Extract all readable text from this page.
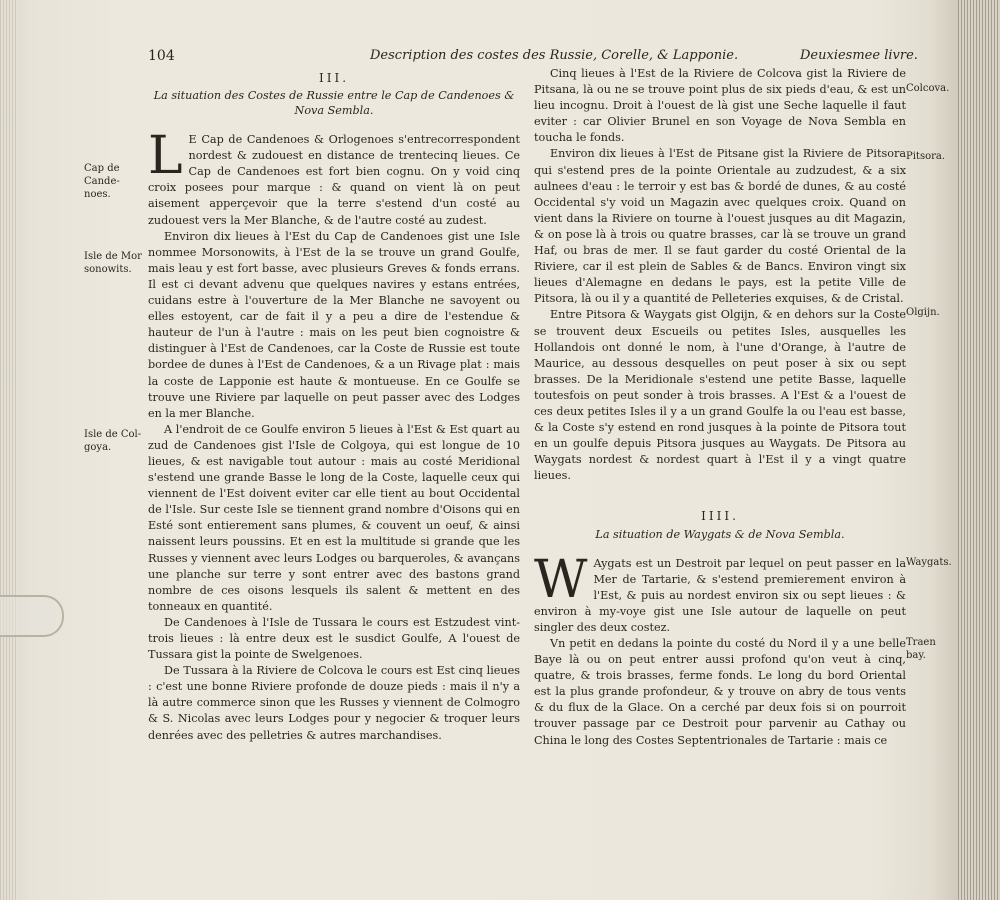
104	Description des costes des Russie, Corelle, & Lapponie.	Deuxiesmee livre.
Cap de Cande-noes.
Isle de Mor sonowits.
Isle de Col-goya.
Colcova.
Pitsora.
Olgijn.
Waygats.
Traen bay.
III.
La situation des Costes de Russie entre le Cap de Candenoes & Nova Sembla.

L E Cap de Candenoes & Orlogenoes s'entrecorrespondent nordest & zudouest en distance de trentecinq lieues. Ce Cap de Candenoes est fort bien cognu. On y void cinq croix posees pour marque : & quand on vient là on peut aisement apperçevoir que la terre s'estend d'un costé au zudouest vers la Mer Blanche, & de l'autre costé au zudest.

Environ dix lieues à l'Est du Cap de Candenoes gist une Isle nommee Morsonowits, à l'Est de la se trouve un grand Goulfe, mais leau y est fort basse, avec plusieurs Greves & fonds errans. Il est ci devant advenu que quelques navires y estans entrées, cuidans estre à l'ouverture de la Mer Blanche ne savoyent ou elles estoyent, car de fait il y a peu a dire de l'estendue & hauteur de l'un à l'autre : mais on les peut bien cognoistre & distinguer à l'Est de Candenoes, car la Coste de Russie est toute bordee de dunes à l'Est de Candenoes, & a un Rivage plat : mais la coste de Lapponie est haute & montueuse. En ce Goulfe se trouve une Riviere par laquelle on peut passer avec des Lodges en la mer Blanche.

A l'endroit de ce Goulfe environ 5 lieues à l'Est & Est quart au zud de Candenoes gist l'Isle de Colgoya, qui est longue de 10 lieues, & est navigable tout autour : mais au costé Meridional s'estend une grande Basse le long de la Coste, laquelle ceux qui viennent de l'Est doivent eviter car elle tient au bout Occidental de l'Isle. Sur ceste Isle se tiennent grand nombre d'Oisons qui en Esté sont entierement sans plumes, & couvent un oeuf, & ainsi naissent leurs poussins. Et en est la multitude si grande que les Russes y viennent avec leurs Lodges ou barqueroles, & avançans une planche sur terre y sont entrer avec des bastons grand nombre de ces oisons lesquels ils salent & mettent en des tonneaux en quantité.

De Candenoes à l'Isle de Tussara le cours est Estzudest vint-trois lieues : là entre deux est le susdict Goulfe, A l'ouest de Tussara gist la pointe de Swelgenoes.

De Tussara à la Riviere de Colcova le cours est Est cinq lieues : c'est une bonne Riviere profonde de douze pieds : mais il n'y a là autre commerce sinon que les Russes y viennent de Colmogro & S. Nicolas avec leurs Lodges pour y negocier & troquer leurs denrées avec des pelletries & autres marchandises.

Cinq lieues à l'Est de la Riviere de Colcova gist la Riviere de Pitsana, là ou ne se trouve point plus de six pieds d'eau, & est un lieu incognu. Droit à l'ouest de là gist une Seche laquelle il faut eviter : car Olivier Brunel en son Voyage de Nova Sembla en toucha le fonds.

Environ dix lieues à l'Est de Pitsane gist la Riviere de Pitsora qui s'estend pres de la pointe Orientale au zudzudest, & a six aulnees d'eau : le terroir y est bas & bordé de dunes, & au costé Occidental s'y void un Magazin avec quelques croix. Quand on vient dans la Riviere on tourne à l'ouest jusques au dit Magazin, & on pose là à trois ou quatre brasses, car là se trouve un grand Haf, ou bras de mer. Il se faut garder du costé Oriental de la Riviere, car il est plein de Sables & de Bancs. Environ vingt six lieues d'Alemagne en dedans le pays, est la petite Ville de Pitsora, là ou il y a quantité de Pelleteries exquises, & de Cristal.

Entre Pitsora & Waygats gist Olgijn, & en dehors sur la Coste se trouvent deux Escueils ou petites Isles, ausquelles les Hollandois ont donné le nom, à l'une d'Orange, à l'autre de Maurice, au dessous desquelles on peut poser à six ou sept brasses. De la Meridionale s'estend une petite Basse, laquelle toutesfois on peut sonder à trois brasses. A l'Est & a l'ouest de ces deux petites Isles il y a un grand Goulfe la ou l'eau est basse, & la Coste s'y estend en rond jusques à la pointe de Pitsora tout en un goulfe depuis Pitsora jusques au Waygats. De Pitsora au Waygats nordest & nordest quart à l'Est il y a vingt quatre lieues.

IIII.
La situation de Waygats & de Nova Sembla.

W Aygats est un Destroit par lequel on peut passer en la Mer de Tartarie, & s'estend premierement environ à l'Est, & puis au nordest environ six ou sept lieues : & environ à my-voye gist une Isle autour de laquelle on peut singler des deux costez.

Vn petit en dedans la pointe du costé du Nord il y a une belle Baye là ou on peut entrer aussi profond qu'on veut à cinq, quatre, & trois brasses, ferme fonds. Le long du bord Oriental est la plus grande profondeur, & y trouve on abry de tous vents & du flux de la Glace. On a cerché par deux fois si on pourroit trouver passage par ce Destroit pour parvenir au Cathay ou China le long des Costes Septentrionales de Tartarie : mais ce
